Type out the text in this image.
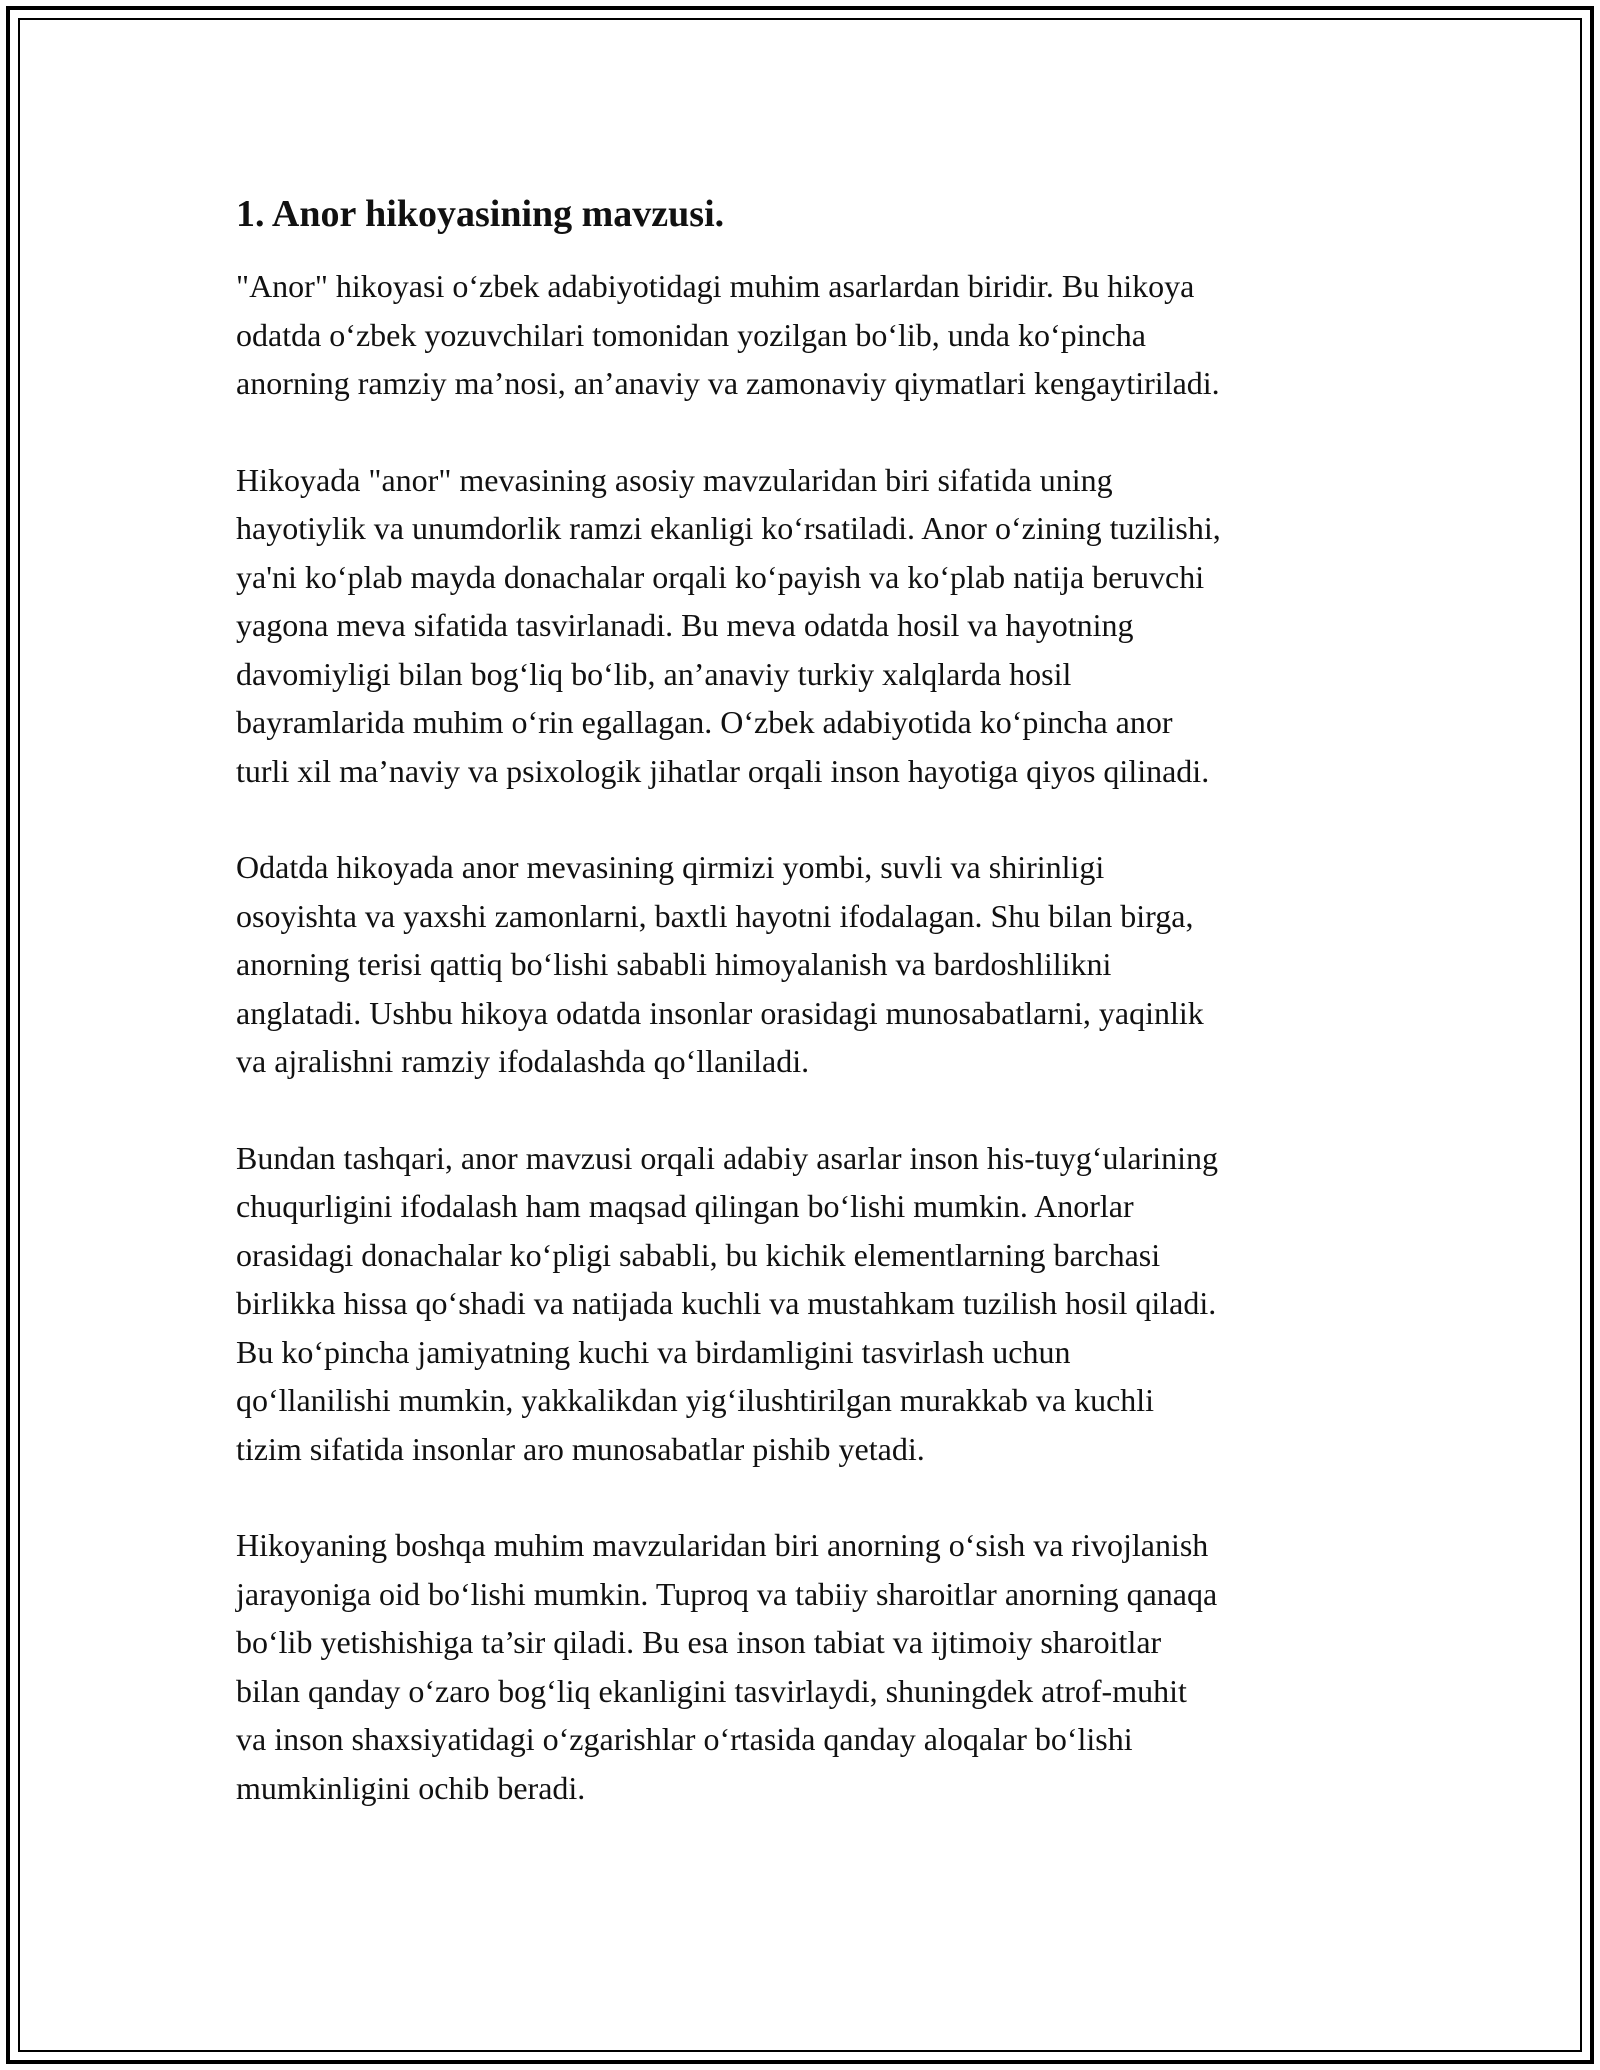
1. Anor hikoyasining mavzusi.

"Anor" hikoyasi o‘zbek adabiyotidagi muhim asarlardan biridir. Bu hikoya
odatda o‘zbek yozuvchilari tomonidan yozilgan bo‘lib, unda ko‘pincha
anorning ramziy ma’nosi, an’anaviy va zamonaviy qiymatlari kengaytiriladi.

Hikoyada "anor" mevasining asosiy mavzularidan biri sifatida uning
hayotiylik va unumdorlik ramzi ekanligi ko‘rsatiladi. Anor o‘zining tuzilishi,
ya'ni ko‘plab mayda donachalar orqali ko‘payish va ko‘plab natija beruvchi
yagona meva sifatida tasvirlanadi. Bu meva odatda hosil va hayotning
davomiyligi bilan bog‘liq bo‘lib, an’anaviy turkiy xalqlarda hosil
bayramlarida muhim o‘rin egallagan. O‘zbek adabiyotida ko‘pincha anor
turli xil ma’naviy va psixologik jihatlar orqali inson hayotiga qiyos qilinadi.

Odatda hikoyada anor mevasining qirmizi yombi, suvli va shirinligi
osoyishta va yaxshi zamonlarni, baxtli hayotni ifodalagan. Shu bilan birga,
anorning terisi qattiq bo‘lishi sababli himoyalanish va bardoshlilikni
anglatadi. Ushbu hikoya odatda insonlar orasidagi munosabatlarni, yaqinlik
va ajralishni ramziy ifodalashda qo‘llaniladi.

Bundan tashqari, anor mavzusi orqali adabiy asarlar inson his-tuyg‘ularining
chuqurligini ifodalash ham maqsad qilingan bo‘lishi mumkin. Anorlar
orasidagi donachalar ko‘pligi sababli, bu kichik elementlarning barchasi
birlikka hissa qo‘shadi va natijada kuchli va mustahkam tuzilish hosil qiladi.
Bu ko‘pincha jamiyatning kuchi va birdamligini tasvirlash uchun
qo‘llanilishi mumkin, yakkalikdan yig‘ilushtirilgan murakkab va kuchli
tizim sifatida insonlar aro munosabatlar pishib yetadi.

Hikoyaning boshqa muhim mavzularidan biri anorning o‘sish va rivojlanish
jarayoniga oid bo‘lishi mumkin. Tuproq va tabiiy sharoitlar anorning qanaqa
bo‘lib yetishishiga ta’sir qiladi. Bu esa inson tabiat va ijtimoiy sharoitlar
bilan qanday o‘zaro bog‘liq ekanligini tasvirlaydi, shuningdek atrof-muhit
va inson shaxsiyatidagi o‘zgarishlar o‘rtasida qanday aloqalar bo‘lishi
mumkinligini ochib beradi.
